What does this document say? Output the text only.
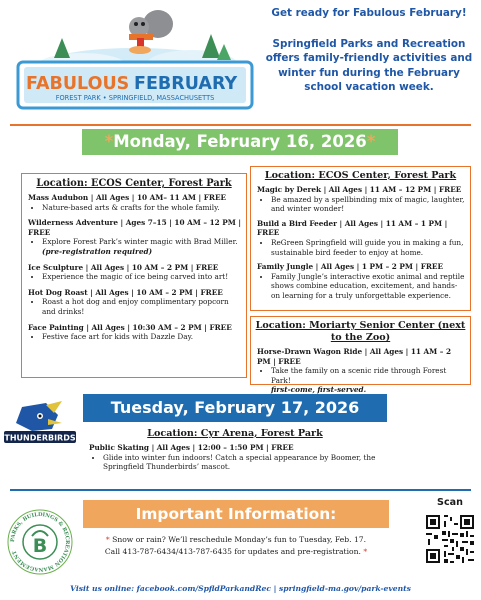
FABULOUS FEBRUARY
FOREST PARK • SPRINGFIELD, MASSACHUSETTS
Get ready for Fabulous February!
Springfield Parks and Recreation offers family-friendly activities and winter fun during the February school vacation week.
*Monday, February 16, 2026*
Location: ECOS Center, Forest Park
Mass Audubon | All Ages | 10 AM– 11 AM | FREE
• Nature-based arts & crafts for the whole family.
Wilderness Adventure | Ages 7–15 | 10 AM – 12 PM | FREE
• Explore Forest Park’s winter magic with Brad Miller.
(pre-registration required)
Ice Sculpture | All Ages | 10 AM – 2 PM | FREE
• Experience the magic of ice being carved into art!
Hot Dog Roast | All Ages | 10 AM – 2 PM | FREE
• Roast a hot dog and enjoy complimentary popcorn and drinks!
Face Painting | All Ages | 10:30 AM – 2 PM | FREE
• Festive face art for kids with Dazzle Day.
Location: ECOS Center, Forest Park
Magic by Derek | All Ages | 11 AM – 12 PM | FREE
• Be amazed by a spellbinding mix of magic, laughter, and winter wonder!
Build a Bird Feeder | All Ages | 11 AM – 1 PM | FREE
• ReGreen Springfield will guide you in making a fun, sustainable bird feeder to enjoy at home.
Family Jungle | All Ages | 1 PM – 2 PM | FREE
• Family Jungle’s interactive exotic animal and reptile shows combine education, excitement, and hands-on learning for a truly unforgettable experience.
Location: Moriarty Senior Center (next to the Zoo)
Horse-Drawn Wagon Ride | All Ages | 11 AM – 2 PM | FREE
• Take the family on a scenic ride through Forest Park!
first-come, first-served.
THUNDERBIRDS
Tuesday, February 17, 2026
Location: Cyr Arena, Forest Park
Public Skating | All Ages | 12:00 – 1:50 PM | FREE
• Glide into winter fun indoors! Catch a special appearance by Boomer, the Springfield Thunderbirds’ mascot.
PARKS, BUILDINGS & RECREATION MANAGEMENT B
Important Information:
* Snow or rain? We’ll reschedule Monday’s fun to Tuesday, Feb. 17.
Call 413-787-6434/413-787-6435 for updates and pre-registration. *
Scan
Visit us online: facebook.com/SpfldParkandRec | springfield-ma.gov/park-events
